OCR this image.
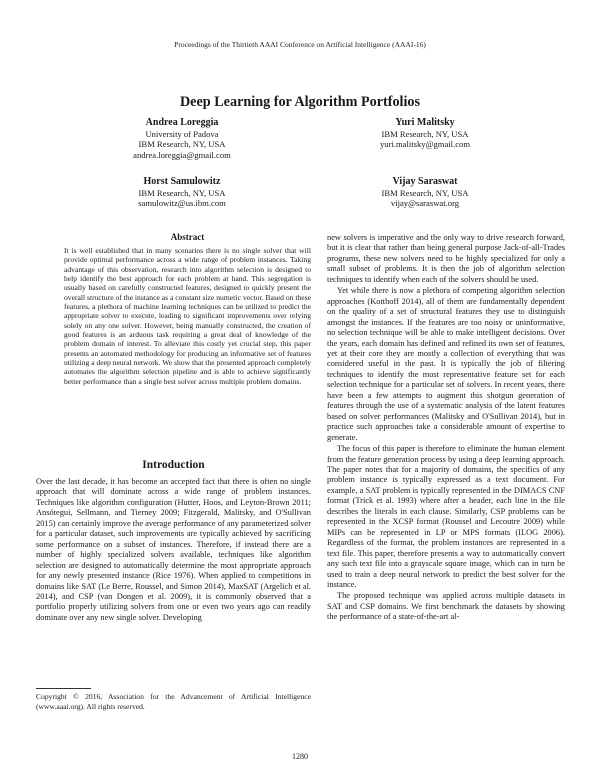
Proceedings of the Thirtieth AAAI Conference on Artificial Intelligence (AAAI-16)
Deep Learning for Algorithm Portfolios
Andrea Loreggia
University of Padova
IBM Research, NY, USA
andrea.loreggia@gmail.com
Yuri Malitsky
IBM Research, NY, USA
yuri.malitsky@gmail.com
Horst Samulowitz
IBM Research, NY, USA
samulowitz@us.ibm.com
Vijay Saraswat
IBM Research, NY, USA
vijay@saraswat.org
Abstract
It is well established that in many scenarios there is no single solver that will provide optimal performance across a wide range of problem instances. Taking advantage of this observation, research into algorithm selection is designed to help identify the best approach for each problem at hand. This segregation is usually based on carefully constructed features, designed to quickly present the overall structure of the instance as a constant size numeric vector. Based on these features, a plethora of machine learning techniques can be utilized to predict the appropriate solver to execute, leading to significant improvements over relying solely on any one solver. However, being manually constructed, the creation of good features is an arduous task requiring a great deal of knowledge of the problem domain of interest. To alleviate this costly yet crucial step, this paper presents an automated methodology for producing an informative set of features utilizing a deep neural network. We show that the presented approach completely automates the algorithm selection pipeline and is able to achieve significantly better performance than a single best solver across multiple problem domains.
Introduction
Over the last decade, it has become an accepted fact that there is often no single approach that will dominate across a wide range of problem instances. Techniques like algorithm configuration (Hutter, Hoos, and Leyton-Brown 2011; Ansótegui, Sellmann, and Tierney 2009; Fitzgerald, Malitsky, and O'Sullivan 2015) can certainly improve the average performance of any parameterized solver for a particular dataset, such improvements are typically achieved by sacrificing some performance on a subset of instances. Therefore, if instead there are a number of highly specialized solvers available, techniques like algorithm selection are designed to automatically determine the most appropriate approach for any newly presented instance (Rice 1976). When applied to competitions in domains like SAT (Le Berre, Roussel, and Simon 2014), MaxSAT (Argelich et al. 2014), and CSP (van Dongen et al. 2009), it is commonly observed that a portfolio properly utilizing solvers from one or even two years ago can readily dominate over any new single solver. Developing
Copyright © 2016, Association for the Advancement of Artificial Intelligence (www.aaai.org). All rights reserved.

new solvers is imperative and the only way to drive research forward, but it is clear that rather than being general purpose Jack-of-all-Trades programs, these new solvers need to be highly specialized for only a small subset of problems. It is then the job of algorithm selection techniques to identify when each of the solvers should be used.

Yet while there is now a plethora of competing algorithm selection approaches (Kotthoff 2014), all of them are fundamentally dependent on the quality of a set of structural features they use to distinguish amongst the instances. If the features are too noisy or uninformative, no selection technique will be able to make intelligent decisions. Over the years, each domain has defined and refined its own set of features, yet at their core they are mostly a collection of everything that was considered useful in the past. It is typically the job of filtering techniques to identify the most representative feature set for each selection technique for a particular set of solvers. In recent years, there have been a few attempts to augment this shotgun generation of features through the use of a systematic analysis of the latent features based on solver performances (Malitsky and O'Sullivan 2014), but in practice such approaches take a considerable amount of expertise to generate.

The focus of this paper is therefore to eliminate the human element from the feature generation process by using a deep learning approach. The paper notes that for a majority of domains, the specifics of any problem instance is typically expressed as a text document. For example, a SAT problem is typically represented in the DIMACS CNF format (Trick et al. 1993) where after a header, each line in the file describes the literals in each clause. Similarly, CSP problems can be represented in the XCSP format (Roussel and Lecoutre 2009) while MIPs can be represented in LP or MPS formats (ILOG 2006). Regardless of the format, the problem instances are represented in a text file. This paper, therefore presents a way to automatically convert any such text file into a grayscale square image, which can in turn be used to train a deep neural network to predict the best solver for the instance.

The proposed technique was applied across multiple datasets in SAT and CSP domains. We first benchmark the datasets by showing the performance of a state-of-the-art al-

1280
